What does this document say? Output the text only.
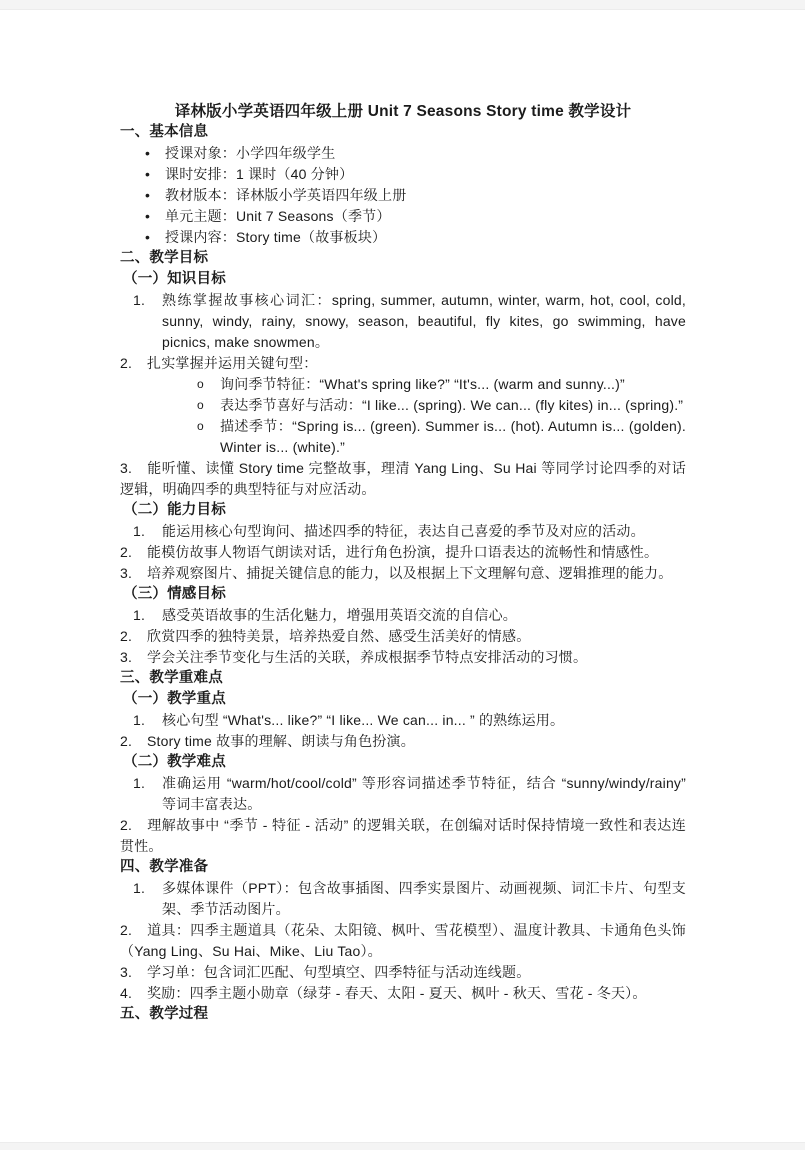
译林版小学英语四年级上册 Unit 7 Seasons Story time 教学设计
一、基本信息
•	授课对象：小学四年级学生
•	课时安排：1 课时（40 分钟）
•	教材版本：译林版小学英语四年级上册
•	单元主题：Unit 7 Seasons（季节）
•	授课内容：Story time（故事板块）
二、教学目标
（一）知识目标
1.	熟练掌握故事核心词汇：spring, summer, autumn, winter, warm, hot, cool, cold, sunny, windy, rainy, snowy, season, beautiful, fly kites, go swimming, have picnics, make snowmen。
2. 扎实掌握并运用关键句型：
o	询问季节特征：“What's spring like?” “It's... (warm and sunny...)”
o	表达季节喜好与活动：“I like... (spring). We can... (fly kites) in... (spring).”
o	描述季节：“Spring is... (green). Summer is... (hot). Autumn is... (golden). Winter is... (white).”
3. 能听懂、读懂 Story time 完整故事，理清 Yang Ling、Su Hai 等同学讨论四季的对话逻辑，明确四季的典型特征与对应活动。
（二）能力目标
1.	能运用核心句型询问、描述四季的特征，表达自己喜爱的季节及对应的活动。
2. 能模仿故事人物语气朗读对话，进行角色扮演，提升口语表达的流畅性和情感性。
3. 培养观察图片、捕捉关键信息的能力，以及根据上下文理解句意、逻辑推理的能力。
（三）情感目标
1.	感受英语故事的生活化魅力，增强用英语交流的自信心。
2. 欣赏四季的独特美景，培养热爱自然、感受生活美好的情感。
3. 学会关注季节变化与生活的关联，养成根据季节特点安排活动的习惯。
三、教学重难点
（一）教学重点
1.	核心句型 “What's... like?” “I like... We can... in... ” 的熟练运用。
2. Story time 故事的理解、朗读与角色扮演。
（二）教学难点
1.	准确运用 “warm/hot/cool/cold” 等形容词描述季节特征，结合 “sunny/windy/rainy” 等词丰富表达。
2. 理解故事中 “季节 - 特征 - 活动” 的逻辑关联，在创编对话时保持情境一致性和表达连贯性。
四、教学准备
1.	多媒体课件（PPT）：包含故事插图、四季实景图片、动画视频、词汇卡片、句型支架、季节活动图片。
2. 道具：四季主题道具（花朵、太阳镜、枫叶、雪花模型）、温度计教具、卡通角色头饰（Yang Ling、Su Hai、Mike、Liu Tao）。
3. 学习单：包含词汇匹配、句型填空、四季特征与活动连线题。
4. 奖励：四季主题小勋章（绿芽 - 春天、太阳 - 夏天、枫叶 - 秋天、雪花 - 冬天）。
五、教学过程
